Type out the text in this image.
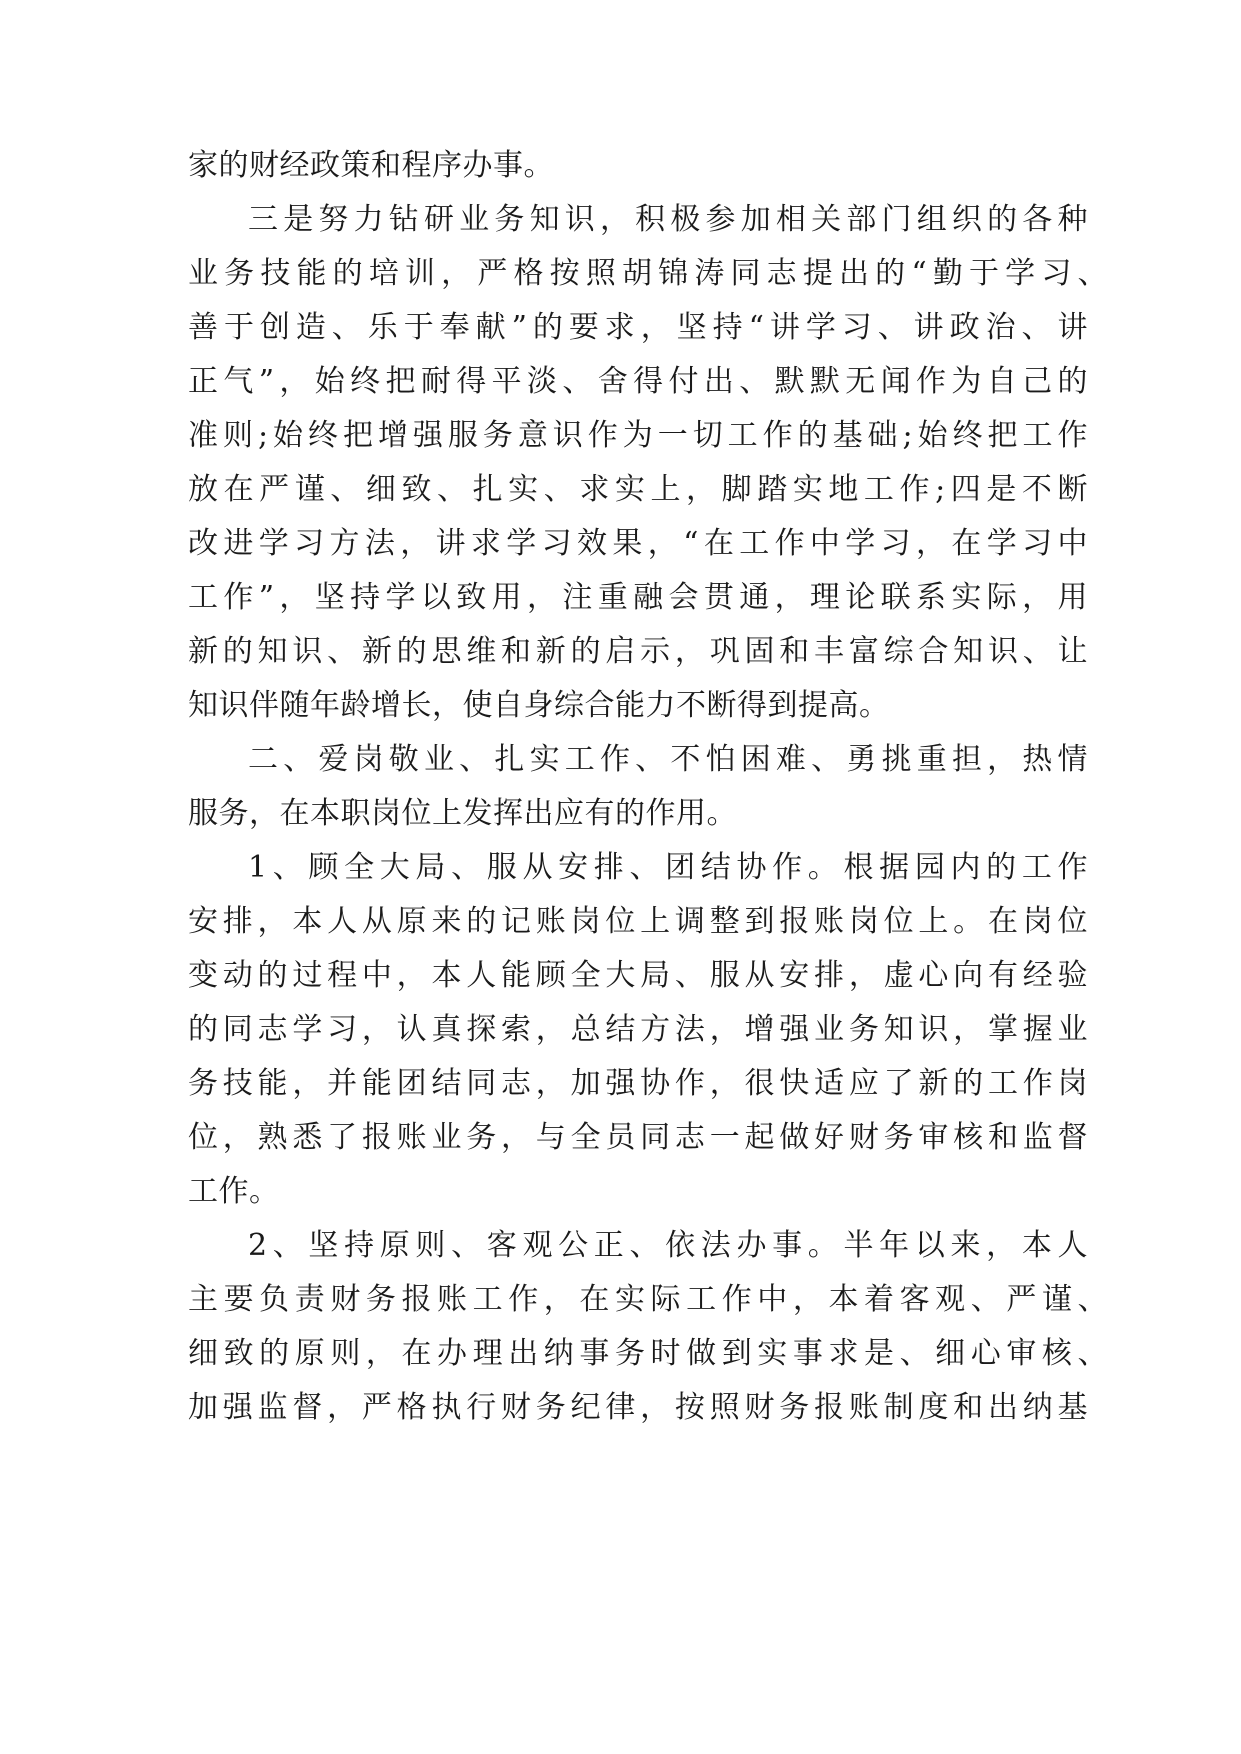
家的财经政策和程序办事。
三是努力钻研业务知识，积极参加相关部门组织的各种
业务技能的培训，严格按照胡锦涛同志提出的“勤于学习、
善于创造、乐于奉献”的要求，坚持“讲学习、讲政治、讲
正气”，始终把耐得平淡、舍得付出、默默无闻作为自己的
准则;始终把增强服务意识作为一切工作的基础;始终把工作
放在严谨、细致、扎实、求实上，脚踏实地工作;四是不断
改进学习方法，讲求学习效果，“在工作中学习，在学习中
工作”，坚持学以致用，注重融会贯通，理论联系实际，用
新的知识、新的思维和新的启示，巩固和丰富综合知识、让
知识伴随年龄增长，使自身综合能力不断得到提高。
二、爱岗敬业、扎实工作、不怕困难、勇挑重担，热情
服务，在本职岗位上发挥出应有的作用。
1、顾全大局、服从安排、团结协作。根据园内的工作
安排，本人从原来的记账岗位上调整到报账岗位上。在岗位
变动的过程中，本人能顾全大局、服从安排，虚心向有经验
的同志学习，认真探索，总结方法，增强业务知识，掌握业
务技能，并能团结同志，加强协作，很快适应了新的工作岗
位，熟悉了报账业务，与全员同志一起做好财务审核和监督
工作。
2、坚持原则、客观公正、依法办事。半年以来，本人
主要负责财务报账工作，在实际工作中，本着客观、严谨、
细致的原则，在办理出纳事务时做到实事求是、细心审核、
加强监督，严格执行财务纪律，按照财务报账制度和出纳基
